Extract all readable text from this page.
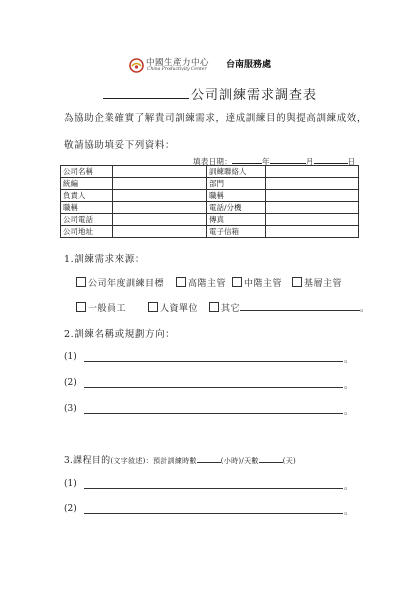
中國生產力中心
China Productivity Center 台南服務處
公司訓練需求調查表
為協助企業確實了解貴司訓練需求，達成訓練目的與提高訓練成效，
敬請協助填妥下列資料：
填表日期：	年	月	日
公司名稱		訓練聯絡人	
統編		部門	
負責人		職稱	
職稱		電話/分機	
公司電話		傳真	
公司地址		電子信箱	
1.訓練需求來源：
公司年度訓練目標	高階主管	中階主管	基層主管
一般員工	人資單位	其它	。
2.訓練名稱或規劃方向：
(1)	。
(2)	。
(3)	。
3.課程目的(文字敘述)：預計訓練時數	(小時)/天數	(天)
(1)	。
(2)	。
